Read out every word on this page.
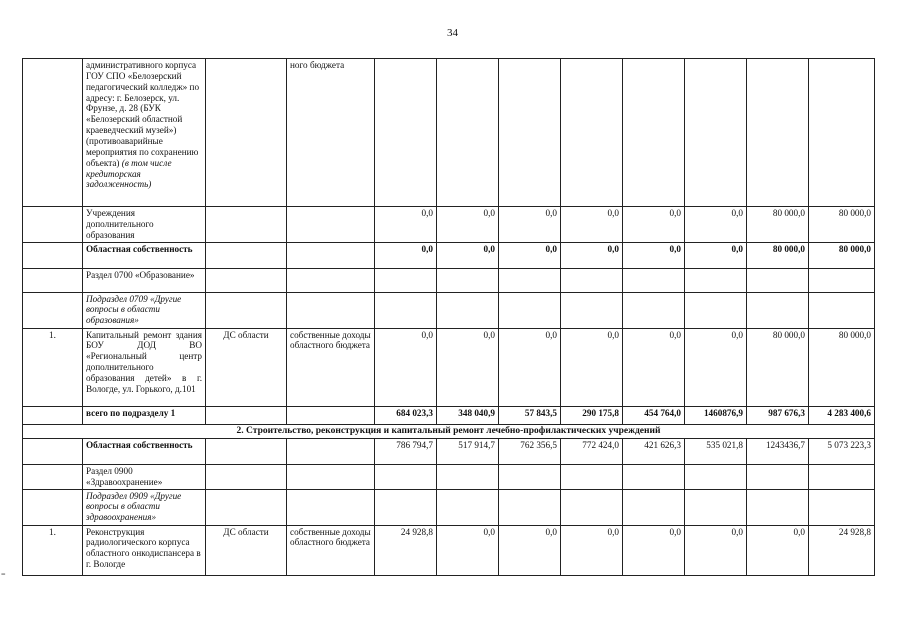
34
	административного корпуса ГОУ СПО «Белозерский педагогический колледж» по адресу: г. Белозерск, ул. Фрунзе, д. 28 (БУК «Белозерский областной краеведческий музей») (противоаварийные мероприятия по сохранению объекта) (в том числе кредиторская задолженность)		ного бюджета								
	Учреждения дополнительного образования			0,0	0,0	0,0	0,0	0,0	0,0	80 000,0	80 000,0
	Областная собственность			0,0	0,0	0,0	0,0	0,0	0,0	80 000,0	80 000,0
	Раздел 0700 «Образование»										
	Подраздел 0709 «Другие вопросы в области образования»										
1.	Капитальный ремонт здания БОУ ДОД ВО «Региональный центр дополнительного образования детей» в г. Вологде, ул. Горького, д.101	ДС области	собственные доходы областного бюджета	0,0	0,0	0,0	0,0	0,0	0,0	80 000,0	80 000,0
	всего по подразделу 1			684 023,3	348 040,9	57 843,5	290 175,8	454 764,0	1460876,9	987 676,3	4 283 400,6
2. Строительство, реконструкция и капитальный ремонт лечебно-профилактических учреждений											
	Областная собственность			786 794,7	517 914,7	762 356,5	772 424,0	421 626,3	535 021,8	1243436,7	5 073 223,3
	Раздел 0900 «Здравоохранение»										
	Подраздел 0909 «Другие вопросы в области здравоохранения»										
1.	Реконструкция радиологического корпуса областного онкодиспансера в г. Вологде	ДС области	собственные доходы областного бюджета	24 928,8	0,0	0,0	0,0	0,0	0,0	0,0	24 928,8
=
